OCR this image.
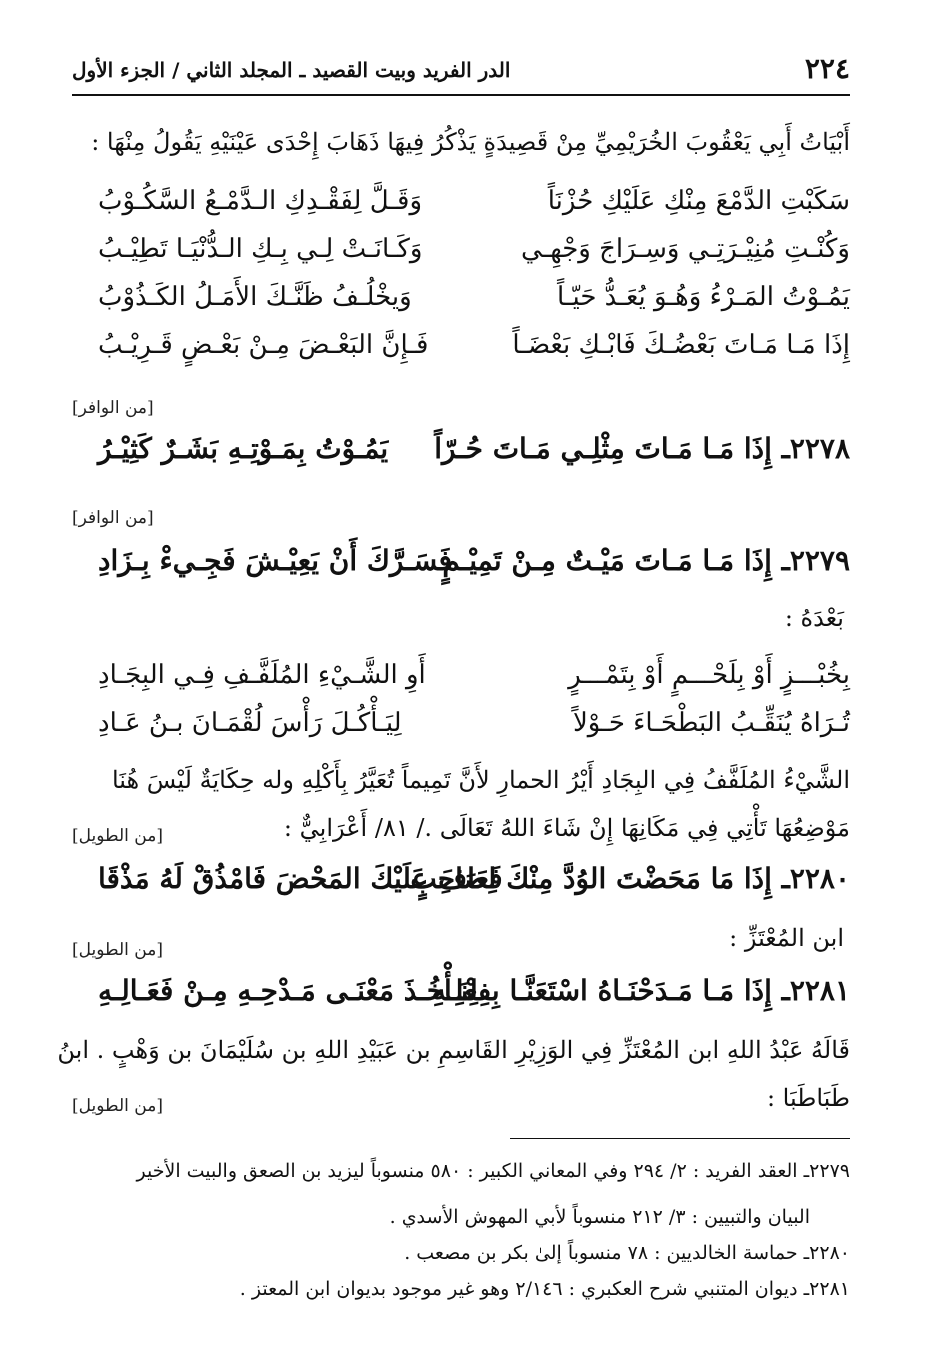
٢٢٤
الدر الفريد وبيت القصيد ـ المجلد الثاني / الجزء الأول
أَبْيَاتُ أَبِي يَعْقُوبَ الخُرَيْمِيِّ مِنْ قَصِيدَةٍ يَذْكُرُ فِيهَا ذَهَابَ إِحْدَى عَيْنَيْهِ يَقُولُ مِنْهَا :
سَكَبْتِ الدَّمْعَ مِنْكِ عَلَيْكِ حُزْنَاً
وَقَـلَّ لِفَقْـدِكِ الـدَّمْـعُ السَّكُـوْبُ
وَكُنْـتِ مُنِيْـرَتِـي وَسِـرَاجَ وَجْهِـي
وَكَـانَـتْ لِـي بِـكِ الـدُّنْيَـا تَطِيْـبُ
يَمُـوْتُ المَـرْءُ وَهُـوَ يُعَـدُّ حَيّـاً
وَيخْلُـفُ ظَنَّـكَ الأَمَـلُ الكَـذُوْبُ
إِذَا مَـا مَـاتَ بَعْضُـكَ فَابْـكِ بَعْضَـاً
فَـإِنَّ البَعْـضَ مِـنْ بَعْـضٍ قَـرِيْـبُ
[من الوافر]
٢٢٧٨ـ إِذَا مَـا مَـاتَ مِثْلِـي مَـاتَ حُـرّاً
يَمُـوْتُ بِمَـوْتِـهِ بَشَـرٌ كَثِيْـرُ
[من الوافر]
٢٢٧٩ـ إِذَا مَـا مَـاتَ مَيْـتٌ مِـنْ تَمِيْـمٍ
فَسَـرَّكَ أَنْ يَعِيْـشَ فَجِـيءْ بِـزَادِ
بَعْدَهُ :
بِخُبْـــزٍ أَوْ بِلَحْـــمٍ أَوْ بِتَمْـــرٍ
أَوِ الشَّـيْءِ المُلَفَّـفِ فِـي البِجَـادِ
تُـرَاهُ يُنَقِّـبُ البَطْحَـاءَ حَـوْلاً
لِيَـأْكُـلَ رَأْسَ لُقْمَـانَ بـنُ عَـادِ
الشَّيْءُ المُلَفَّفُ فِي البِجَادِ أَيْرُ الحمارِ لأَنَّ تَمِيماً تُعَيَّرُ بِأَكْلِهِ وله حِكَايَةٌ لَيْسَ هُنَا
مَوْضِعُهَا تَأْتِي فِي مَكَانِهَا إِنْ شَاءَ اللهُ تَعَالَى ./ ٨١/ أَعْرَابِيٌّ :
[من الطويل]
٢٢٨٠ـ إِذَا مَا مَحَضْتَ الوُدَّ مِنْكَ لِصَاحِبٍ
فَعَافَ عَلَيْكَ المَحْضَ فَامْذُقْ لَهُ مَذْقَا
ابن المُعْتَزِّ :
[من الطويل]
٢٢٨١ـ إِذَا مَـا مَـدَحْنَـاهُ اسْتَعَنَّـا بِفِعْلِـهِ
لِنَـأْخُـذَ مَعْنَـى مَـدْحِـهِ مِـنْ فَعَـالِـهِ
قَالَهُ عَبْدُ اللهِ ابن المُعْتَزِّ فِي الوَزِيْرِ القَاسِمِ بن عَبَيْدِ اللهِ بن سُلَيْمَانَ بن وَهْبٍ . ابنُ
طَبَاطَبَا :
[من الطويل]
٢٢٧٩ـ العقد الفريد : ٢/ ٢٩٤ وفي المعاني الكبير : ٥٨٠ منسوباً ليزيد بن الصعق والبيت الأخير
البيان والتبيين : ٣/ ٢١٢ منسوباً لأبي المهوش الأسدي .
٢٢٨٠ـ حماسة الخالديين : ٧٨ منسوباً إلىٰ بكر بن مصعب .
٢٢٨١ـ ديوان المتنبي شرح العكبري : ٢/١٤٦ وهو غير موجود بديوان ابن المعتز .
